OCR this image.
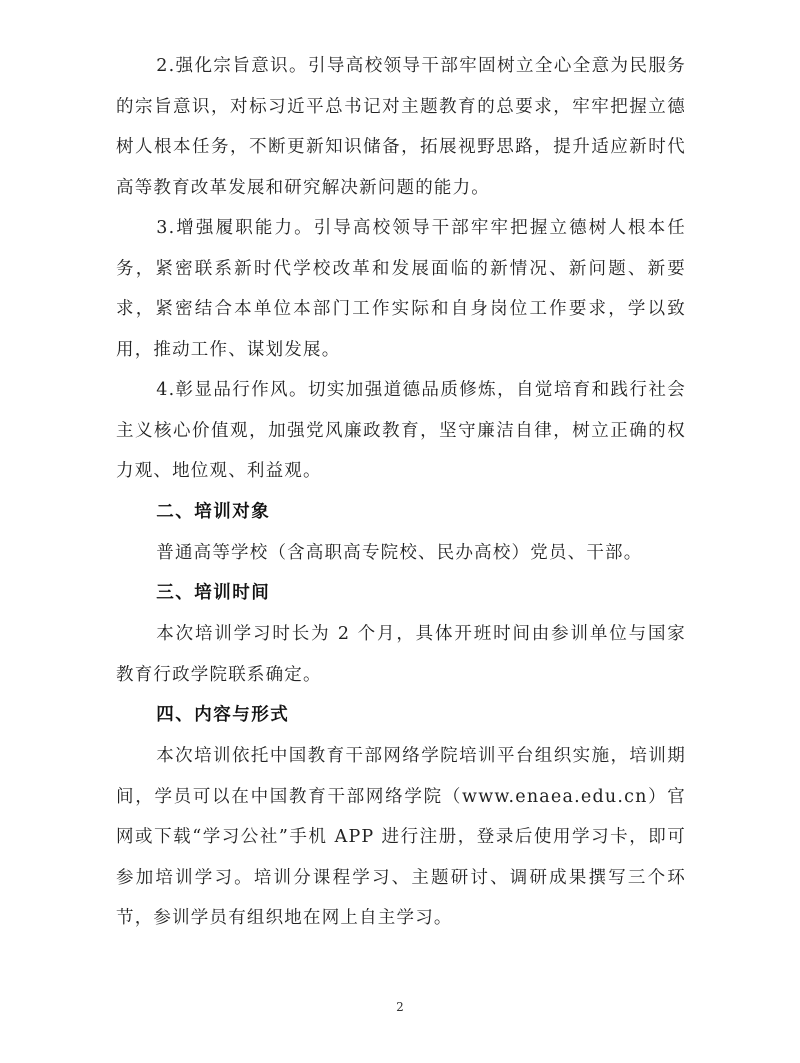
2.强化宗旨意识。引导高校领导干部牢固树立全心全意为民服务的宗旨意识，对标习近平总书记对主题教育的总要求，牢牢把握立德树人根本任务，不断更新知识储备，拓展视野思路，提升适应新时代高等教育改革发展和研究解决新问题的能力。

3.增强履职能力。引导高校领导干部牢牢把握立德树人根本任务，紧密联系新时代学校改革和发展面临的新情况、新问题、新要求，紧密结合本单位本部门工作实际和自身岗位工作要求，学以致用，推动工作、谋划发展。

4.彰显品行作风。切实加强道德品质修炼，自觉培育和践行社会主义核心价值观，加强党风廉政教育，坚守廉洁自律，树立正确的权力观、地位观、利益观。

二、培训对象

普通高等学校（含高职高专院校、民办高校）党员、干部。

三、培训时间

本次培训学习时长为 2 个月，具体开班时间由参训单位与国家教育行政学院联系确定。

四、内容与形式

本次培训依托中国教育干部网络学院培训平台组织实施，培训期间，学员可以在中国教育干部网络学院（www.enaea.edu.cn）官网或下载“学习公社”手机 APP 进行注册，登录后使用学习卡，即可参加培训学习。培训分课程学习、主题研讨、调研成果撰写三个环节，参训学员有组织地在网上自主学习。

2
